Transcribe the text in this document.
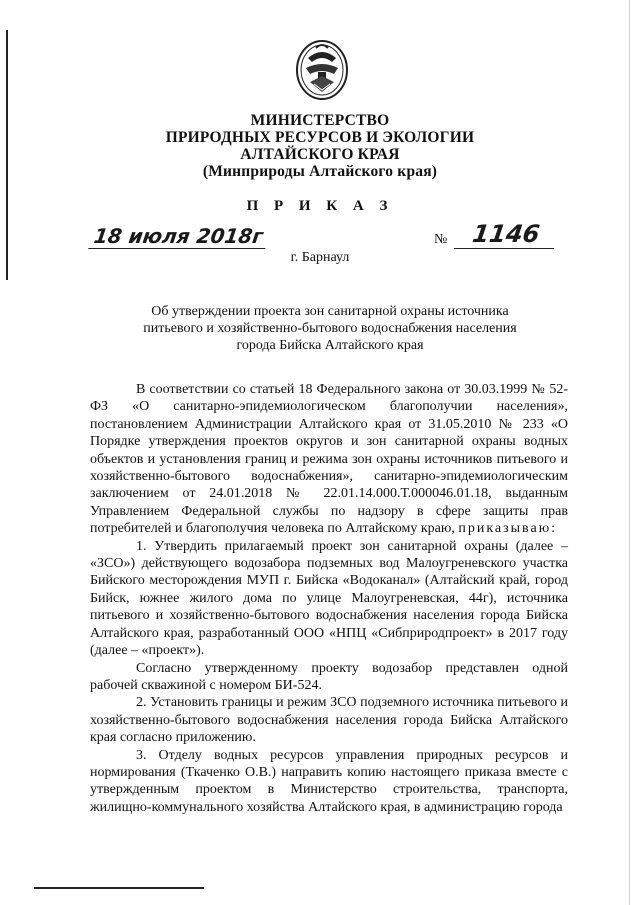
МИНИСТЕРСТВО
ПРИРОДНЫХ РЕСУРСОВ И ЭКОЛОГИИ
АЛТАЙСКОГО КРАЯ
(Минприроды Алтайского края)
П Р И К А З
18 июля 2018г	№ 1146
г. Барнаул
Об утверждении проекта зон санитарной охраны источника
питьевого и хозяйственно-бытового водоснабжения населения
города Бийска Алтайского края

В соответствии со статьей 18 Федерального закона от 30.03.1999 № 52-ФЗ «О санитарно-эпидемиологическом благополучии населения», постановлением Администрации Алтайского края от 31.05.2010 № 233 «О Порядке утверждения проектов округов и зон санитарной охраны водных объектов и установления границ и режима зон охраны источников питьевого и хозяйственно-бытового водоснабжения», санитарно-эпидемиологическим заключением от 24.01.2018 № 22.01.14.000.Т.000046.01.18, выданным Управлением Федеральной службы по надзору в сфере защиты прав потребителей и благополучия человека по Алтайскому краю, приказываю:

1. Утвердить прилагаемый проект зон санитарной охраны (далее – «ЗСО») действующего водозабора подземных вод Малоугреневского участка Бийского месторождения МУП г. Бийска «Водоканал» (Алтайский край, город Бийск, южнее жилого дома по улице Малоугреневская, 44г), источника питьевого и хозяйственно-бытового водоснабжения населения города Бийска Алтайского края, разработанный ООО «НПЦ «Сибприродпроект» в 2017 году (далее – «проект»).

Согласно утвержденному проекту водозабор представлен одной рабочей скважиной с номером БИ-524.

2. Установить границы и режим ЗСО подземного источника питьевого и хозяйственно-бытового водоснабжения населения города Бийска Алтайского края согласно приложению.

3. Отделу водных ресурсов управления природных ресурсов и нормирования (Ткаченко О.В.) направить копию настоящего приказа вместе с утвержденным проектом в Министерство строительства, транспорта, жилищно-коммунального хозяйства Алтайского края, в администрацию города
